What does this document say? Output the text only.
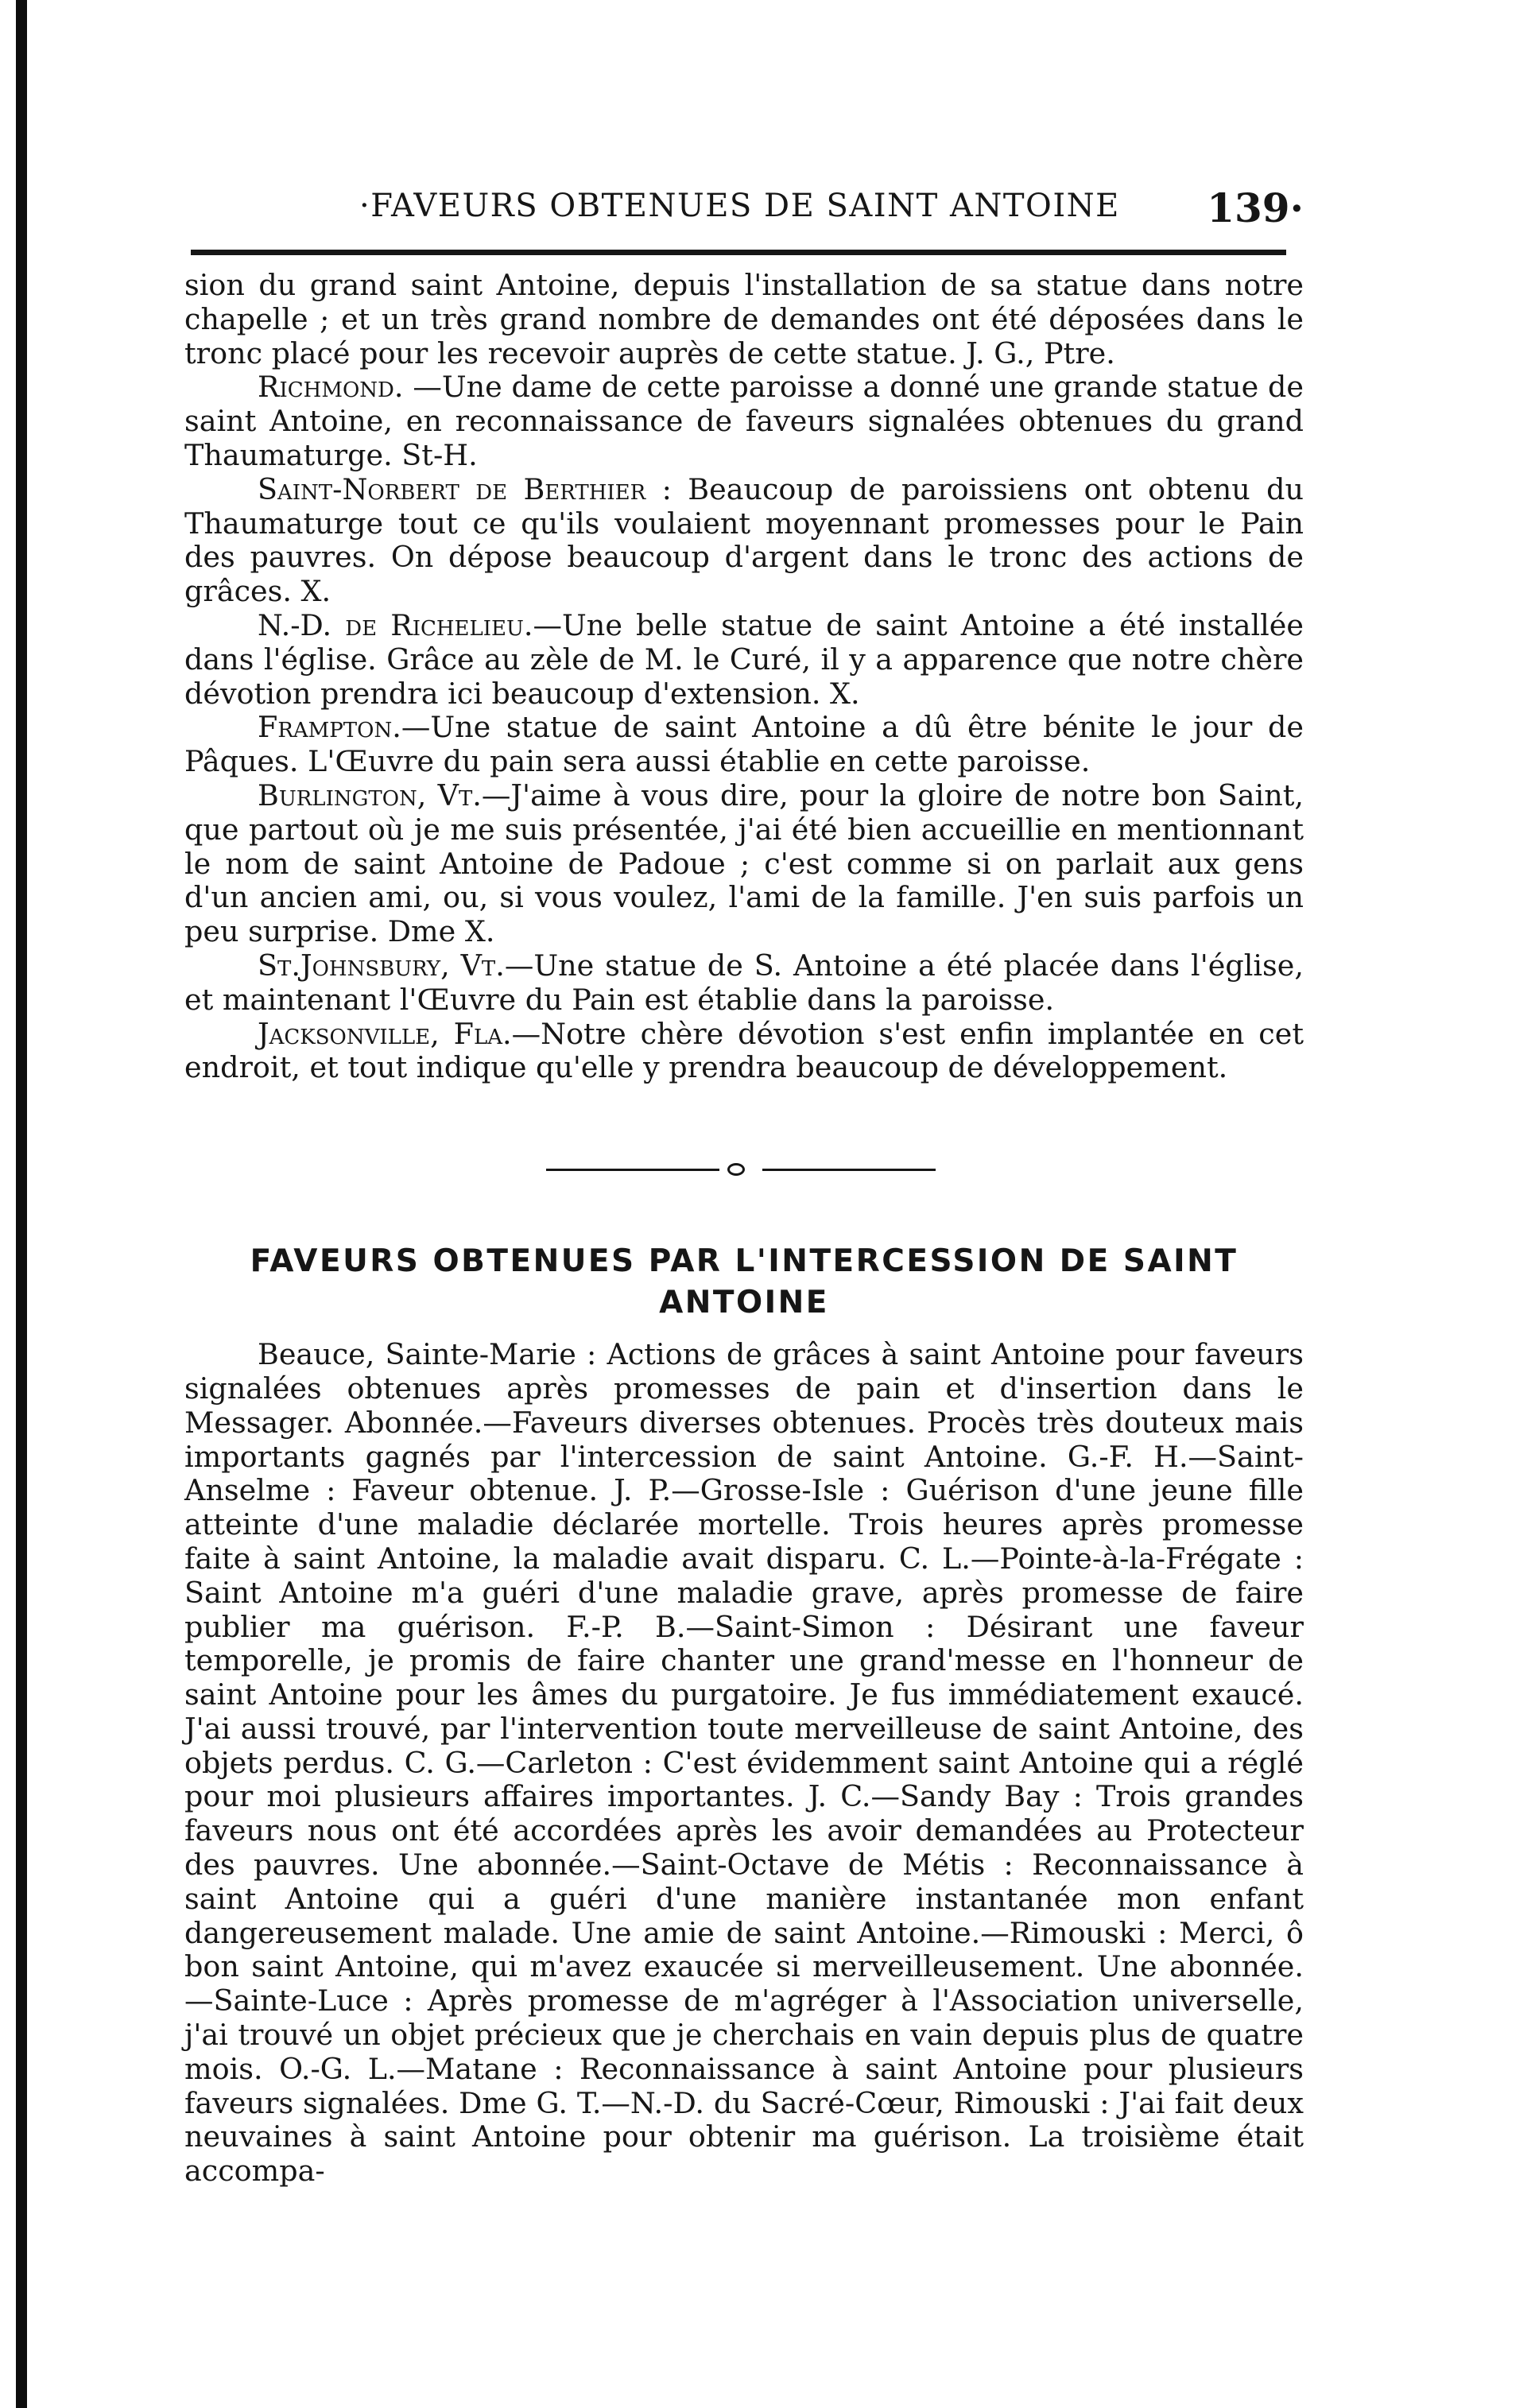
·FAVEURS OBTENUES DE SAINT ANTOINE 139·

sion du grand saint Antoine, depuis l'installation de sa statue dans notre chapelle ; et un très grand nombre de demandes ont été déposées dans le tronc placé pour les recevoir auprès de cette statue. J. G., Ptre.

Richmond. —Une dame de cette paroisse a donné une grande statue de saint Antoine, en reconnaissance de faveurs signalées obtenues du grand Thaumaturge. St-H.

Saint-Norbert de Berthier : Beaucoup de paroissiens ont obtenu du Thaumaturge tout ce qu'ils voulaient moyennant promesses pour le Pain des pauvres. On dépose beaucoup d'argent dans le tronc des actions de grâces. X.

N.-D. de Richelieu.—Une belle statue de saint Antoine a été installée dans l'église. Grâce au zèle de M. le Curé, il y a apparence que notre chère dévotion prendra ici beaucoup d'extension. X.

Frampton.—Une statue de saint Antoine a dû être bénite le jour de Pâques. L'Œuvre du pain sera aussi établie en cette paroisse.

Burlington, Vt.—J'aime à vous dire, pour la gloire de notre bon Saint, que partout où je me suis présentée, j'ai été bien accueillie en mentionnant le nom de saint Antoine de Padoue ; c'est comme si on parlait aux gens d'un ancien ami, ou, si vous voulez, l'ami de la famille. J'en suis parfois un peu surprise. Dme X.

St.Johnsbury, Vt.—Une statue de S. Antoine a été placée dans l'église, et maintenant l'Œuvre du Pain est établie dans la paroisse.

Jacksonville, Fla.—Notre chère dévotion s'est enfin implantée en cet endroit, et tout indique qu'elle y prendra beaucoup de développement.

FAVEURS OBTENUES PAR L'INTERCESSION DE SAINT ANTOINE

Beauce, Sainte-Marie : Actions de grâces à saint Antoine pour faveurs signalées obtenues après promesses de pain et d'insertion dans le Messager. Abonnée.—Faveurs diverses obtenues. Procès très douteux mais importants gagnés par l'intercession de saint Antoine. G.-F. H.—Saint-Anselme : Faveur obtenue. J. P.—Grosse-Isle : Guérison d'une jeune fille atteinte d'une maladie déclarée mortelle. Trois heures après promesse faite à saint Antoine, la maladie avait disparu. C. L.—Pointe-à-la-Frégate : Saint Antoine m'a guéri d'une maladie grave, après promesse de faire publier ma guérison. F.-P. B.—Saint-Simon : Désirant une faveur temporelle, je promis de faire chanter une grand'messe en l'honneur de saint Antoine pour les âmes du purgatoire. Je fus immédiatement exaucé. J'ai aussi trouvé, par l'intervention toute merveilleuse de saint Antoine, des objets perdus. C. G.—Carleton : C'est évidemment saint Antoine qui a réglé pour moi plusieurs affaires importantes. J. C.—Sandy Bay : Trois grandes faveurs nous ont été accordées après les avoir demandées au Protecteur des pauvres. Une abonnée.—Saint-Octave de Métis : Reconnaissance à saint Antoine qui a guéri d'une manière instantanée mon enfant dangereusement malade. Une amie de saint Antoine.—Rimouski : Merci, ô bon saint Antoine, qui m'avez exaucée si merveilleusement. Une abonnée.—Sainte-Luce : Après promesse de m'agréger à l'Association universelle, j'ai trouvé un objet précieux que je cherchais en vain depuis plus de quatre mois. O.-G. L.—Matane : Reconnaissance à saint Antoine pour plusieurs faveurs signalées. Dme G. T.—N.-D. du Sacré-Cœur, Rimouski : J'ai fait deux neuvaines à saint Antoine pour obtenir ma guérison. La troisième était accompa-
